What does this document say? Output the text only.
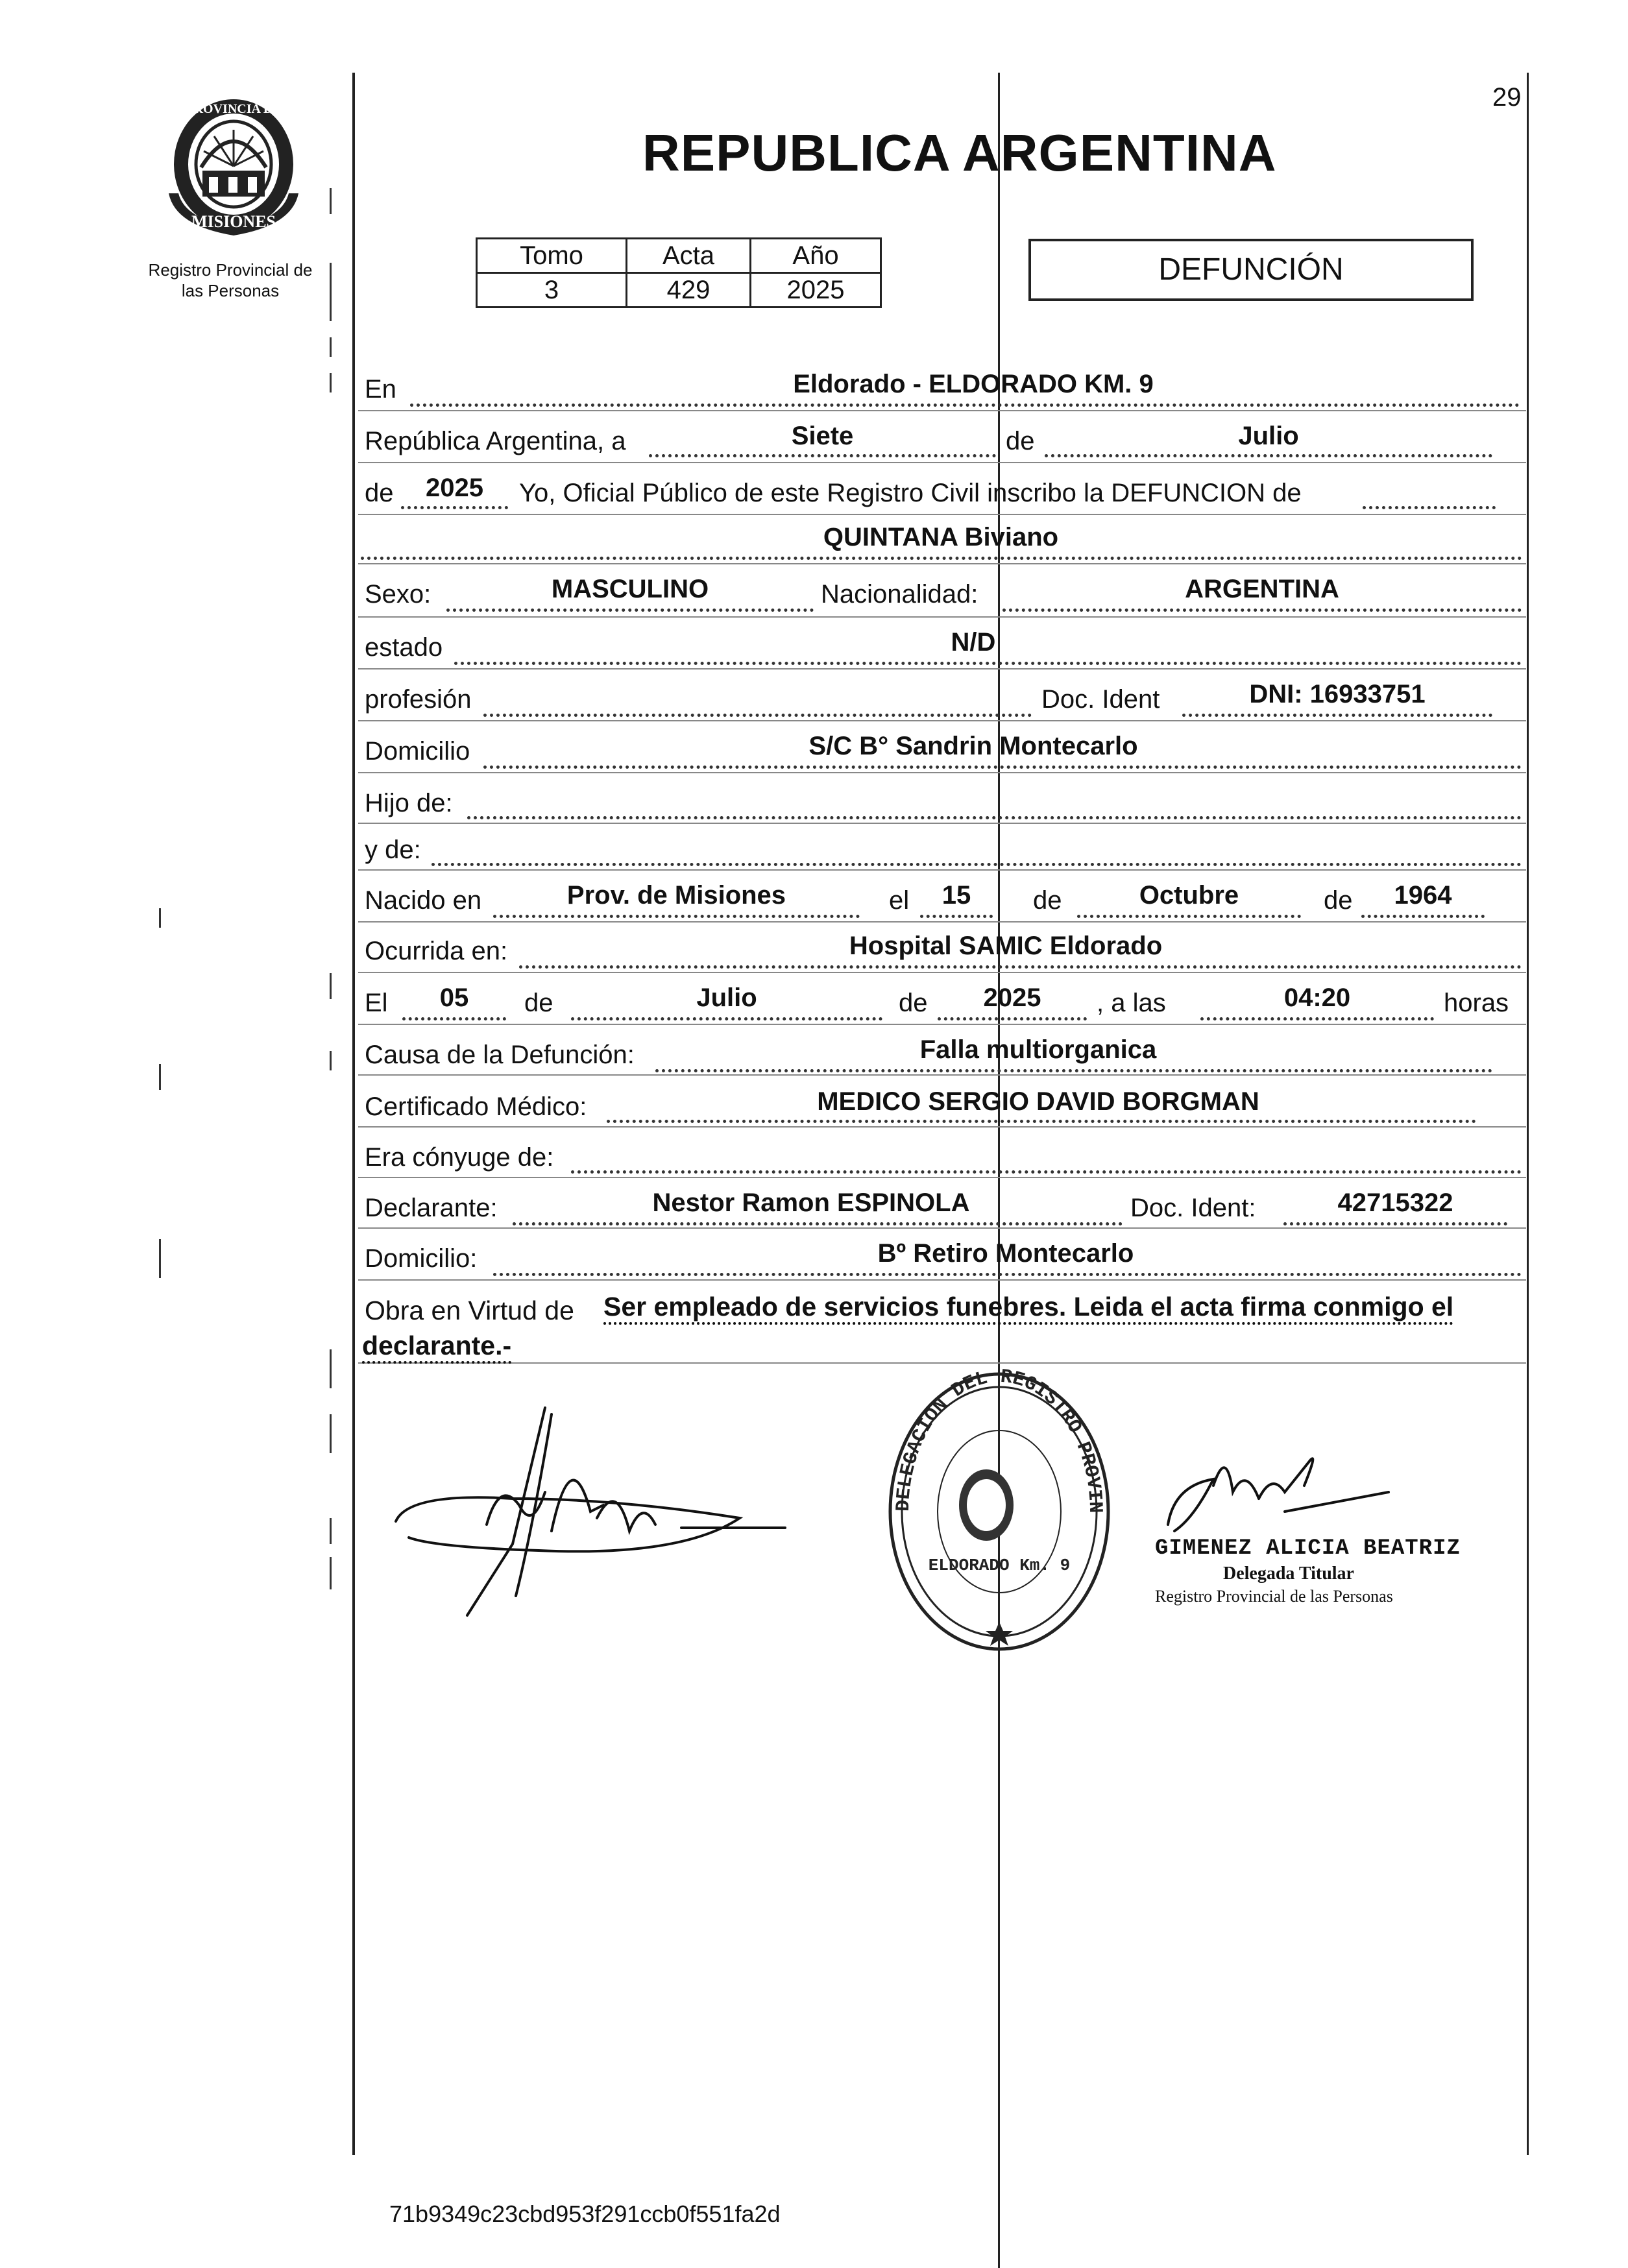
29
PROVINCIA DE
MISIONES
Registro Provincial de
las Personas
REPUBLICA ARGENTINA
Tomo	Acta	Año
3	429	2025
DEFUNCIÓN
En	Eldorado - ELDORADO KM. 9
República Argentina, a	Siete	de	Julio
de	2025	Yo, Oficial Público de este Registro Civil inscribo la DEFUNCION de
QUINTANA Biviano
Sexo:	MASCULINO	Nacionalidad:	ARGENTINA
estado	N/D
profesión	Doc. Ident	DNI: 16933751
Domicilio	S/C B° Sandrin Montecarlo
Hijo de:
y de:
Nacido en	Prov. de Misiones	el	15	de	Octubre	de	1964
Ocurrida en:	Hospital SAMIC Eldorado
El	05	de	Julio	de	2025	, a las	04:20	horas
Causa de la Defunción:	Falla multiorganica
Certificado Médico:	MEDICO SERGIO DAVID BORGMAN
Era cónyuge de:
Declarante:	Nestor Ramon ESPINOLA	Doc. Ident:	42715322
Domicilio:	Bº Retiro Montecarlo
Obra en Virtud de Ser empleado de servicios funebres. Leida el acta firma conmigo el
declarante.-
DELEGACION DEL REGISTRO PROVIN
ELDORADO Km. 9
GIMENEZ ALICIA BEATRIZ
Delegada Titular
Registro Provincial de las Personas
71b9349c23cbd953f291ccb0f551fa2d
